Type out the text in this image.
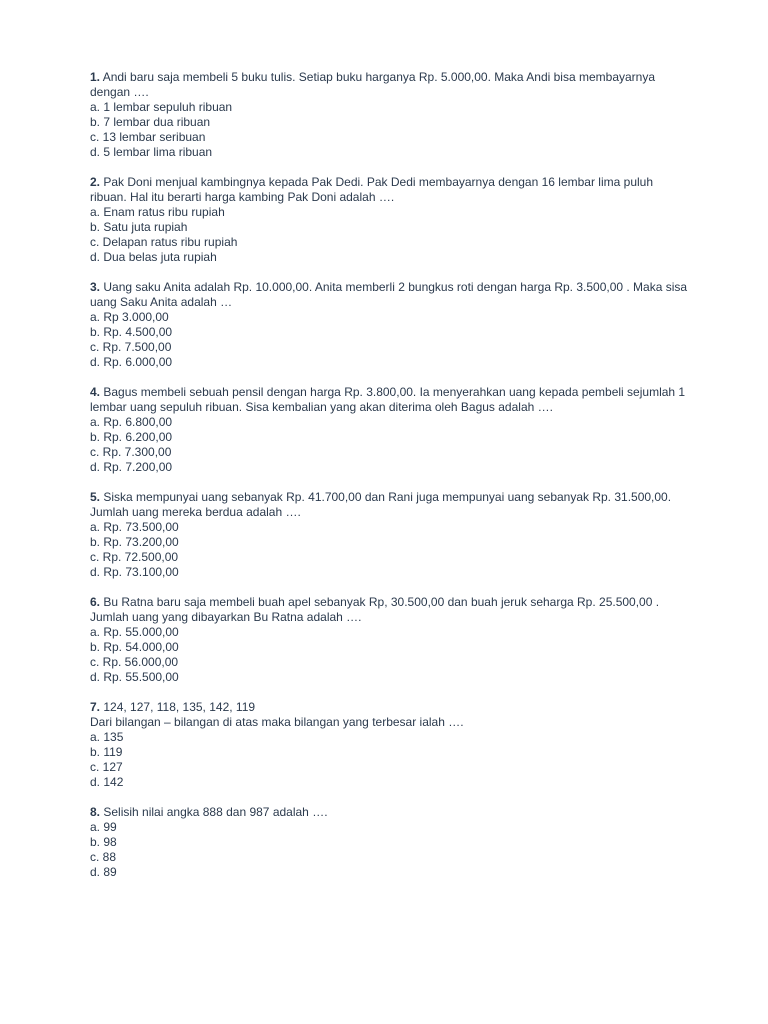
1. Andi baru saja membeli 5 buku tulis. Setiap buku harganya Rp. 5.000,00. Maka Andi bisa membayarnya dengan ….

a. 1 lembar sepuluh ribuan
b. 7 lembar dua ribuan
c. 13 lembar seribuan
d. 5 lembar lima ribuan

2. Pak Doni menjual kambingnya kepada Pak Dedi. Pak Dedi membayarnya dengan 16 lembar lima puluh ribuan. Hal itu berarti harga kambing Pak Doni adalah ….

a. Enam ratus ribu rupiah
b. Satu juta rupiah
c. Delapan ratus ribu rupiah
d. Dua belas juta rupiah

3. Uang saku Anita adalah Rp. 10.000,00. Anita memberli 2 bungkus roti dengan harga Rp. 3.500,00 . Maka sisa uang Saku Anita adalah …

a. Rp 3.000,00
b. Rp. 4.500,00
c. Rp. 7.500,00
d. Rp. 6.000,00

4. Bagus membeli sebuah pensil dengan harga Rp. 3.800,00. Ia menyerahkan uang kepada pembeli sejumlah 1 lembar uang sepuluh ribuan. Sisa kembalian yang akan diterima oleh Bagus adalah ….

a. Rp. 6.800,00
b. Rp. 6.200,00
c. Rp. 7.300,00
d. Rp. 7.200,00

5. Siska mempunyai uang sebanyak Rp. 41.700,00 dan Rani juga mempunyai uang sebanyak Rp. 31.500,00. Jumlah uang mereka berdua adalah ….

a. Rp. 73.500,00
b. Rp. 73.200,00
c. Rp. 72.500,00
d. Rp. 73.100,00

6. Bu Ratna baru saja membeli buah apel sebanyak Rp, 30.500,00 dan buah jeruk seharga Rp. 25.500,00 . Jumlah uang yang dibayarkan Bu Ratna adalah ….

a. Rp. 55.000,00
b. Rp. 54.000,00
c. Rp. 56.000,00
d. Rp. 55.500,00

7. 124, 127, 118, 135, 142, 119

Dari bilangan – bilangan di atas maka bilangan yang terbesar ialah ….

a. 135
b. 119
c. 127
d. 142

8. Selisih nilai angka 888 dan 987 adalah ….

a. 99
b. 98
c. 88
d. 89
